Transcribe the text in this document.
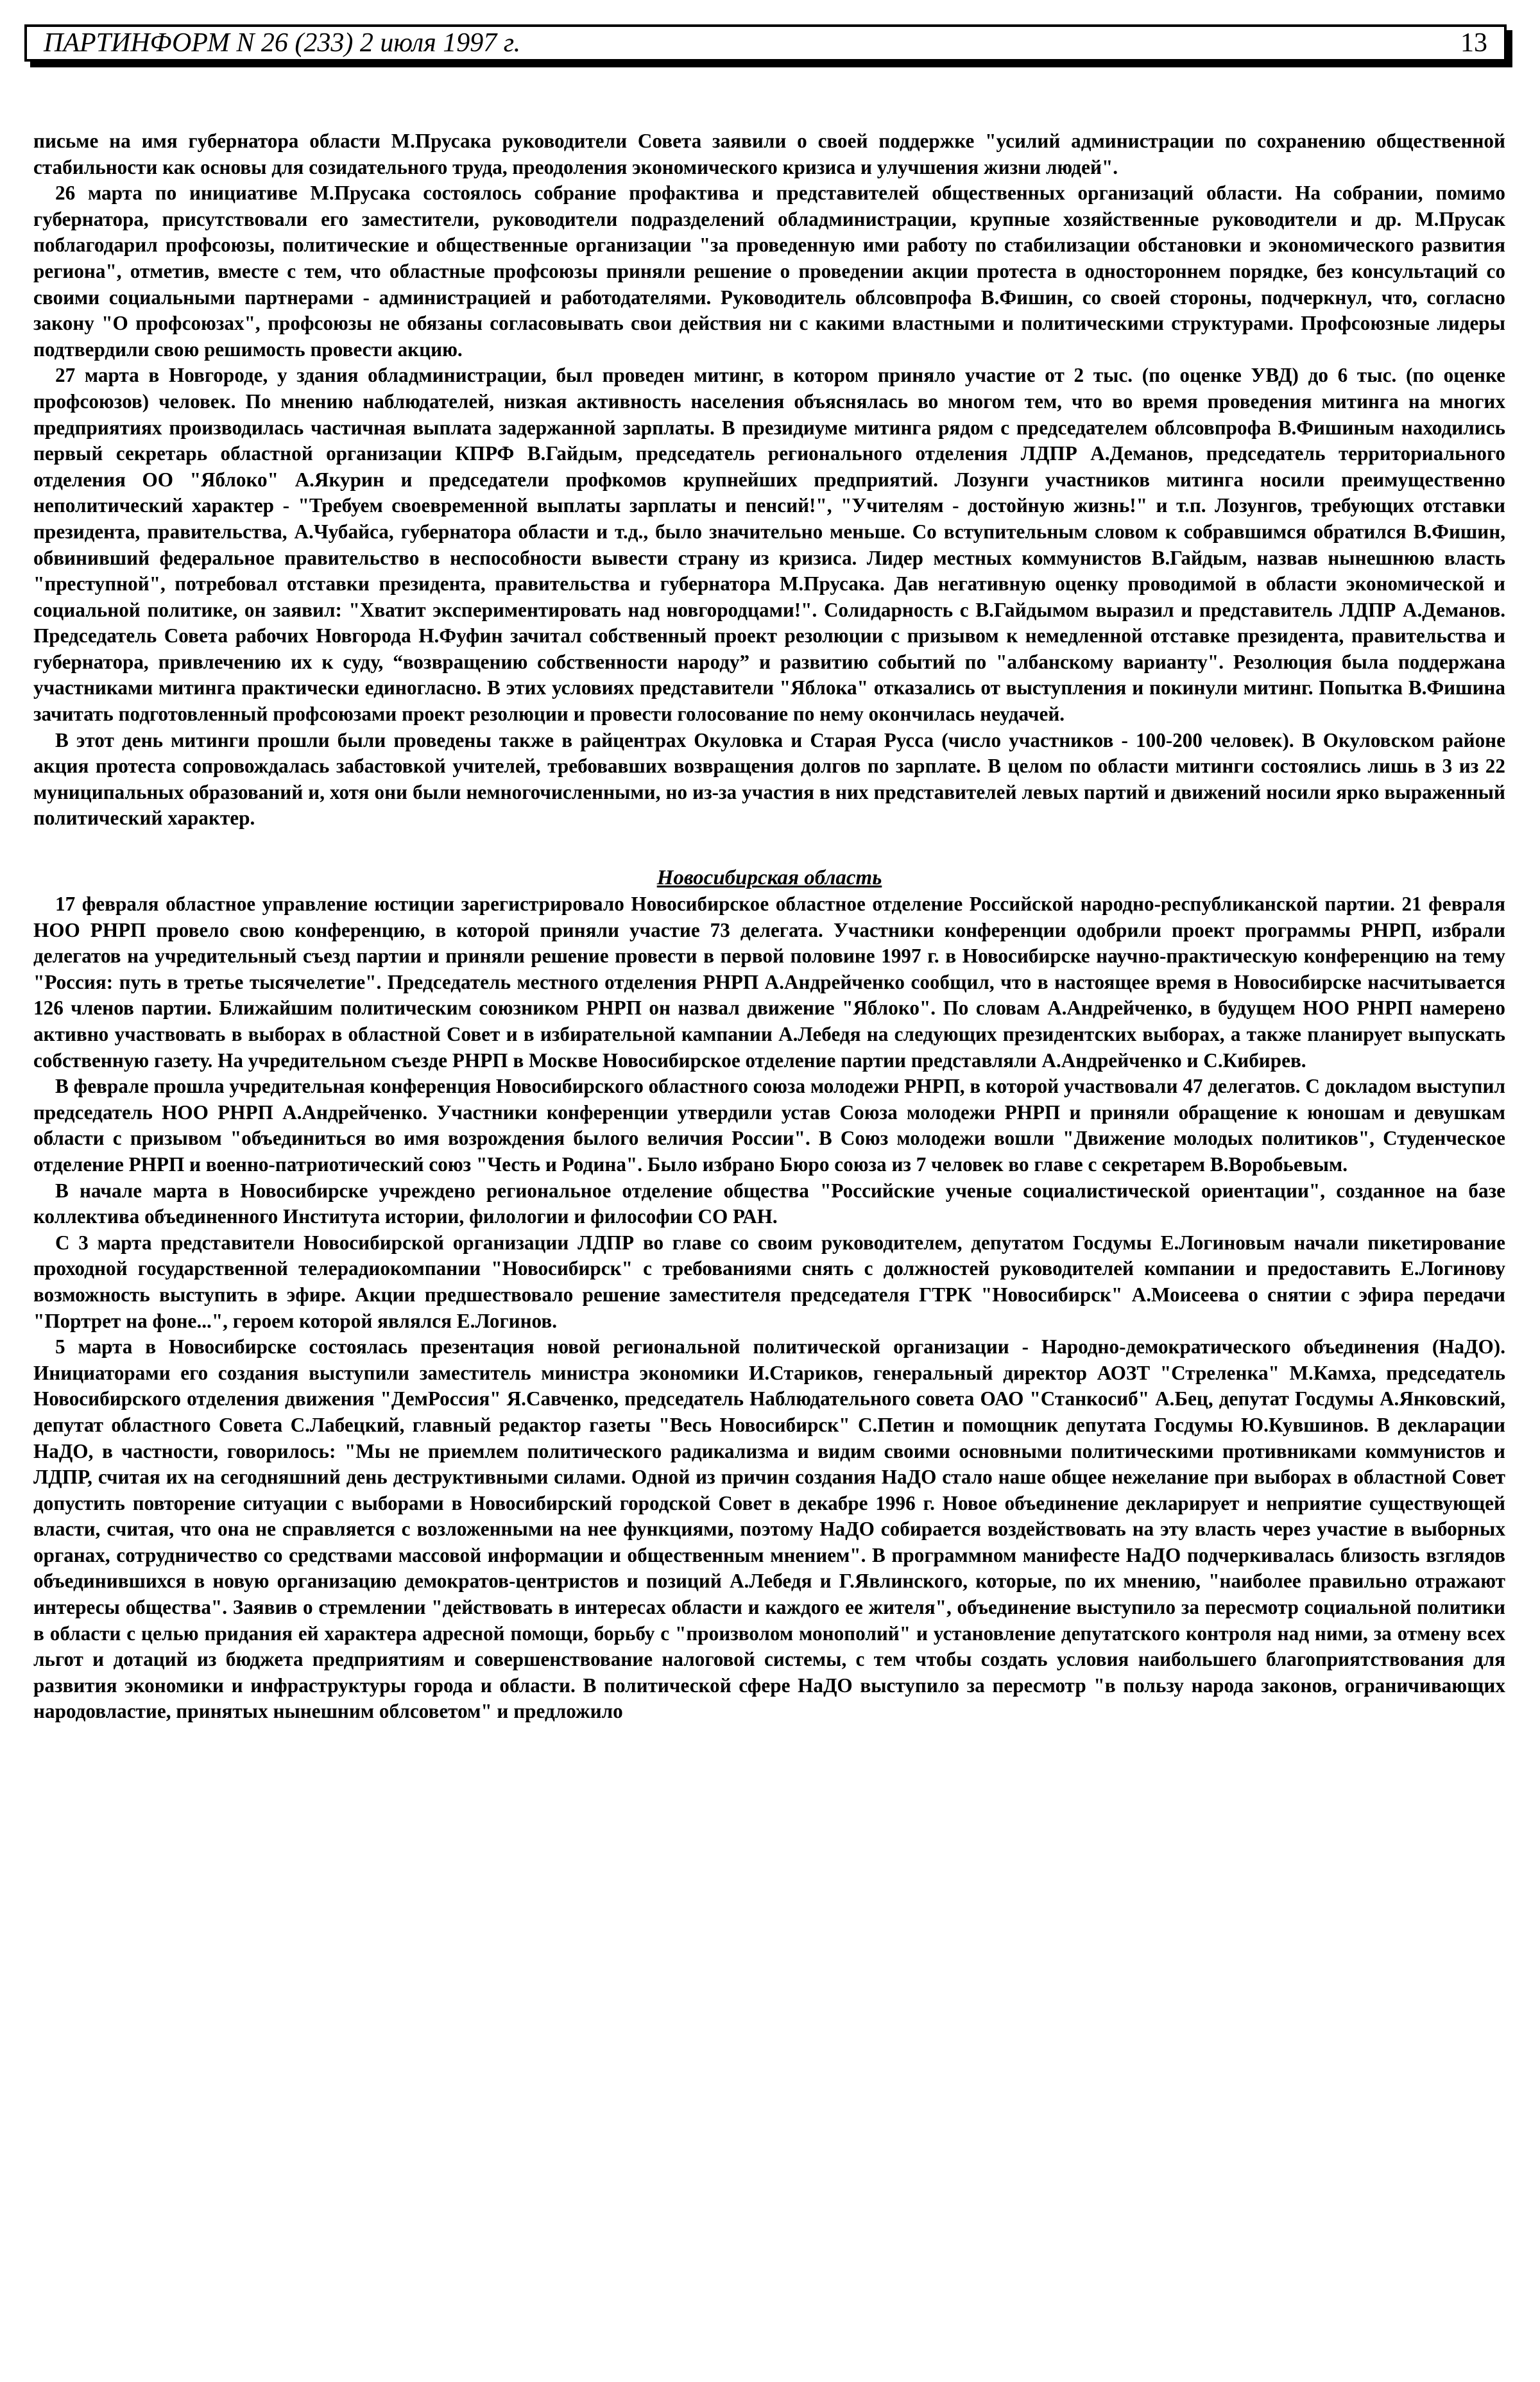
ПАРТИНФОРМ N 26 (233) 2 июля 1997 г.	13

письме на имя губернатора области М.Прусака руководители Совета заявили о своей поддержке "усилий администрации по сохранению общественной стабильности как основы для созидательного труда, преодоления экономического кризиса и улучшения жизни людей".

26 марта по инициативе М.Прусака состоялось собрание профактива и представителей общественных организаций области. На собрании, помимо губернатора, присутствовали его заместители, руководители подразделений обладминистрации, крупные хозяйственные руководители и др. М.Прусак поблагодарил профсоюзы, политические и общественные организации "за проведенную ими работу по стабилизации обстановки и экономического развития региона", отметив, вместе с тем, что областные профсоюзы приняли решение о проведении акции протеста в одностороннем порядке, без консультаций со своими социальными партнерами - администрацией и работодателями. Руководитель облсовпрофа В.Фишин, со своей стороны, подчеркнул, что, согласно закону "О профсоюзах", профсоюзы не обязаны согласовывать свои действия ни с какими властными и политическими структурами. Профсоюзные лидеры подтвердили свою решимость провести акцию.

27 марта в Новгороде, у здания обладминистрации, был проведен митинг, в котором приняло участие от 2 тыс. (по оценке УВД) до 6 тыс. (по оценке профсоюзов) человек. По мнению наблюдателей, низкая активность населения объяснялась во многом тем, что во время проведения митинга на многих предприятиях производилась частичная выплата задержанной зарплаты. В президиуме митинга рядом с председателем облсовпрофа В.Фишиным находились первый секретарь областной организации КПРФ В.Гайдым, председатель регионального отделения ЛДПР А.Деманов, председатель территориального отделения ОО "Яблоко" А.Якурин и председатели профкомов крупнейших предприятий. Лозунги участников митинга носили преимущественно неполитический характер - "Требуем своевременной выплаты зарплаты и пенсий!", "Учителям - достойную жизнь!" и т.п. Лозунгов, требующих отставки президента, правительства, А.Чубайса, губернатора области и т.д., было значительно меньше. Со вступительным словом к собравшимся обратился В.Фишин, обвинивший федеральное правительство в неспособности вывести страну из кризиса. Лидер местных коммунистов В.Гайдым, назвав нынешнюю власть "преступной", потребовал отставки президента, правительства и губернатора М.Прусака. Дав негативную оценку проводимой в области экономической и социальной политике, он заявил: "Хватит экспериментировать над новгородцами!". Солидарность с В.Гайдымом выразил и представитель ЛДПР А.Деманов. Председатель Совета рабочих Новгорода Н.Фуфин зачитал собственный проект резолюции с призывом к немедленной отставке президента, правительства и губернатора, привлечению их к суду, “возвращению собственности народу” и развитию событий по "албанскому варианту". Резолюция была поддержана участниками митинга практически единогласно. В этих условиях представители "Яблока" отказались от выступления и покинули митинг. Попытка В.Фишина зачитать подготовленный профсоюзами проект резолюции и провести голосование по нему окончилась неудачей.

В этот день митинги прошли были проведены также в райцентрах Окуловка и Старая Русса (число участников - 100-200 человек). В Окуловском районе акция протеста сопровождалась забастовкой учителей, требовавших возвращения долгов по зарплате. В целом по области митинги состоялись лишь в 3 из 22 муниципальных образований и, хотя они были немногочисленными, но из-за участия в них представителей левых партий и движений носили ярко выраженный политический характер.

Новосибирская область

17 февраля областное управление юстиции зарегистрировало Новосибирское областное отделение Российской народно-республиканской партии. 21 февраля НОО РНРП провело свою конференцию, в которой приняли участие 73 делегата. Участники конференции одобрили проект программы РНРП, избрали делегатов на учредительный съезд партии и приняли решение провести в первой половине 1997 г. в Новосибирске научно-практическую конференцию на тему "Россия: путь в третье тысячелетие". Председатель местного отделения РНРП А.Андрейченко сообщил, что в настоящее время в Новосибирске насчитывается 126 членов партии. Ближайшим политическим союзником РНРП он назвал движение "Яблоко". По словам А.Андрейченко, в будущем НОО РНРП намерено активно участвовать в выборах в областной Совет и в избирательной кампании А.Лебедя на следующих президентских выборах, а также планирует выпускать собственную газету. На учредительном съезде РНРП в Москве Новосибирское отделение партии представляли А.Андрейченко и С.Кибирев.

В феврале прошла учредительная конференция Новосибирского областного союза молодежи РНРП, в которой участвовали 47 делегатов. С докладом выступил председатель НОО РНРП А.Андрейченко. Участники конференции утвердили устав Союза молодежи РНРП и приняли обращение к юношам и девушкам области с призывом "объединиться во имя возрождения былого величия России". В Союз молодежи вошли "Движение молодых политиков", Студенческое отделение РНРП и военно-патриотический союз "Честь и Родина". Было избрано Бюро союза из 7 человек во главе с секретарем В.Воробьевым.

В начале марта в Новосибирске учреждено региональное отделение общества "Российские ученые социалистической ориентации", созданное на базе коллектива объединенного Института истории, филологии и философии СО РАН.

С 3 марта представители Новосибирской организации ЛДПР во главе со своим руководителем, депутатом Госдумы Е.Логиновым начали пикетирование проходной государственной телерадиокомпании "Новосибирск" с требованиями снять с должностей руководителей компании и предоставить Е.Логинову возможность выступить в эфире. Акции предшествовало решение заместителя председателя ГТРК "Новосибирск" А.Моисеева о снятии с эфира передачи "Портрет на фоне...", героем которой являлся Е.Логинов.

5 марта в Новосибирске состоялась презентация новой региональной политической организации - Народно-демократического объединения (НаДО). Инициаторами его создания выступили заместитель министра экономики И.Стариков, генеральный директор АОЗТ "Стреленка" М.Камха, председатель Новосибирского отделения движения "ДемРоссия" Я.Савченко, председатель Наблюдательного совета ОАО "Станкосиб" А.Бец, депутат Госдумы А.Янковский, депутат областного Совета С.Лабецкий, главный редактор газеты "Весь Новосибирск" С.Петин и помощник депутата Госдумы Ю.Кувшинов. В декларации НаДО, в частности, говорилось: "Мы не приемлем политического радикализма и видим своими основными политическими противниками коммунистов и ЛДПР, считая их на сегодняшний день деструктивными силами. Одной из причин создания НаДО стало наше общее нежелание при выборах в областной Совет допустить повторение ситуации с выборами в Новосибирский городской Совет в декабре 1996 г. Новое объединение декларирует и неприятие существующей власти, считая, что она не справляется с возложенными на нее функциями, поэтому НаДО собирается воздействовать на эту власть через участие в выборных органах, сотрудничество со средствами массовой информации и общественным мнением". В программном манифесте НаДО подчеркивалась близость взглядов объединившихся в новую организацию демократов-центристов и позиций А.Лебедя и Г.Явлинского, которые, по их мнению, "наиболее правильно отражают интересы общества". Заявив о стремлении "действовать в интересах области и каждого ее жителя", объединение выступило за пересмотр социальной политики в области с целью придания ей характера адресной помощи, борьбу с "произволом монополий" и установление депутатского контроля над ними, за отмену всех льгот и дотаций из бюджета предприятиям и совершенствование налоговой системы, с тем чтобы создать условия наибольшего благоприятствования для развития экономики и инфраструктуры города и области. В политической сфере НаДО выступило за пересмотр "в пользу народа законов, ограничивающих народовластие, принятых нынешним облсоветом" и предложило
